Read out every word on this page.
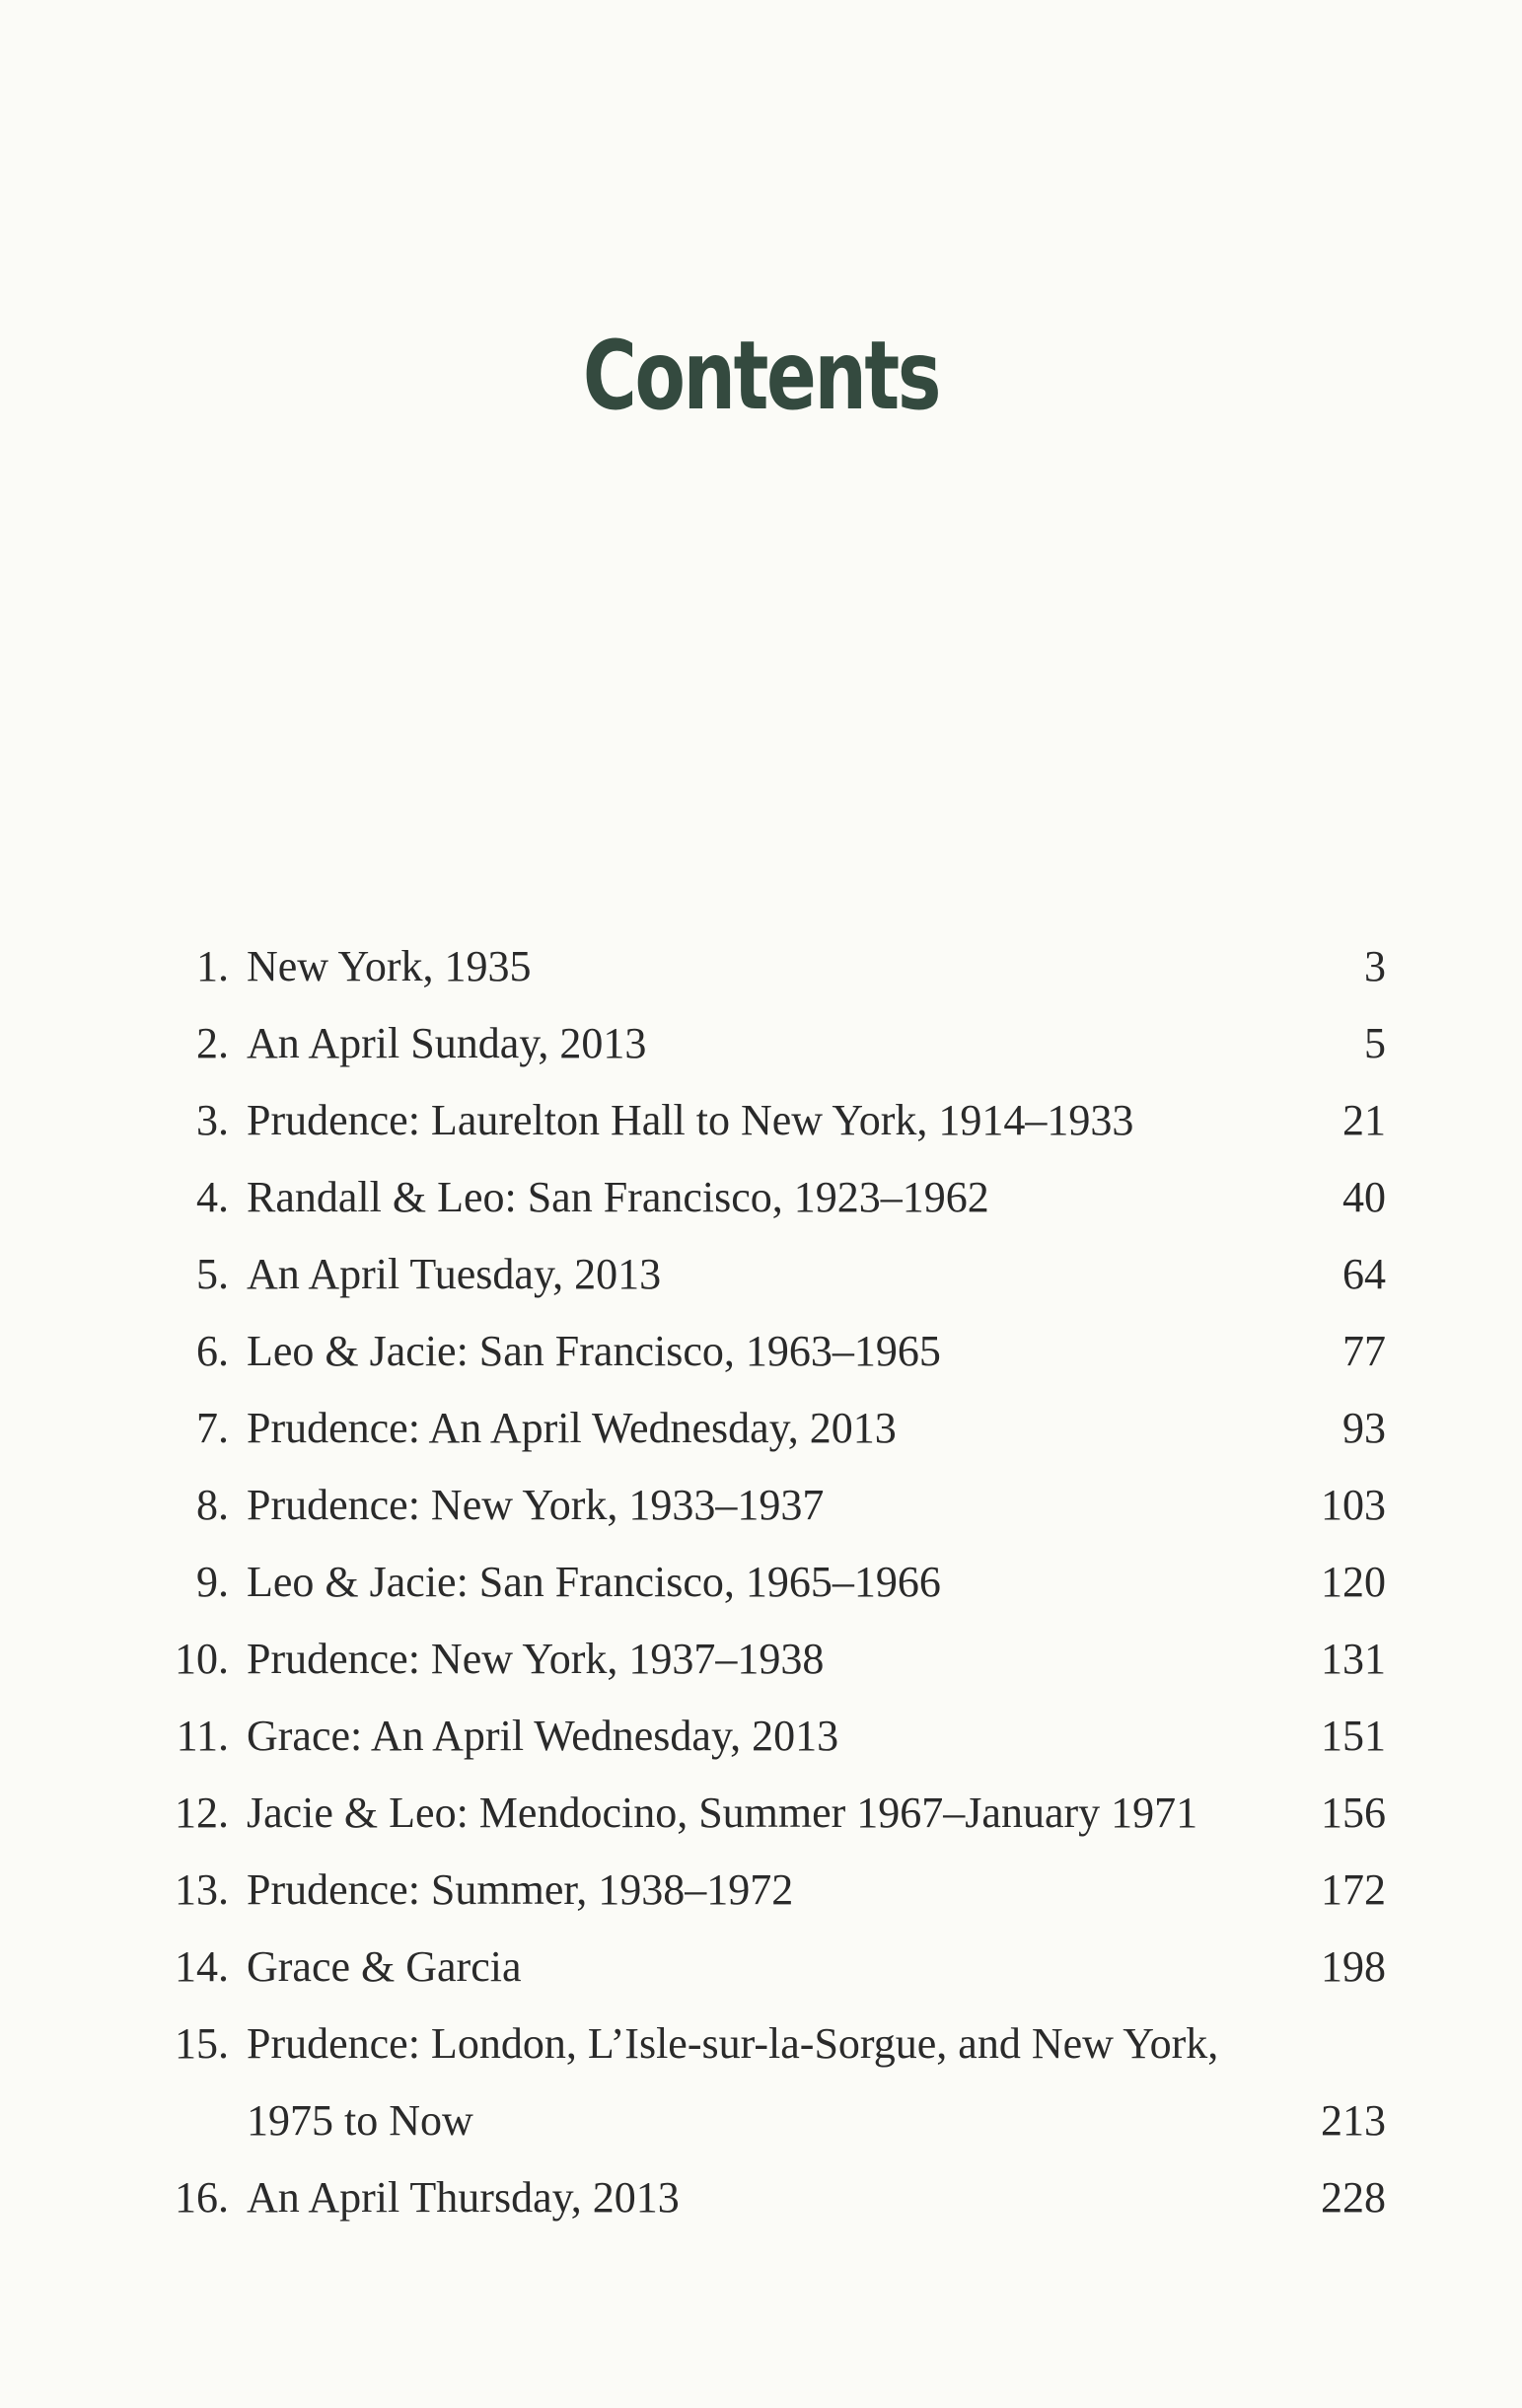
Contents
1. New York, 1935	3
2. An April Sunday, 2013	5
3. Prudence: Laurelton Hall to New York, 1914–1933	21
4. Randall & Leo: San Francisco, 1923–1962	40
5. An April Tuesday, 2013	64
6. Leo & Jacie: San Francisco, 1963–1965	77
7. Prudence: An April Wednesday, 2013	93
8. Prudence: New York, 1933–1937	103
9. Leo & Jacie: San Francisco, 1965–1966	120
10. Prudence: New York, 1937–1938	131
11. Grace: An April Wednesday, 2013	151
12. Jacie & Leo: Mendocino, Summer 1967–January 1971	156
13. Prudence: Summer, 1938–1972	172
14. Grace & Garcia	198
15. Prudence: London, L’Isle-sur-la-Sorgue, and New York,
1975 to Now	213
16. An April Thursday, 2013	228
